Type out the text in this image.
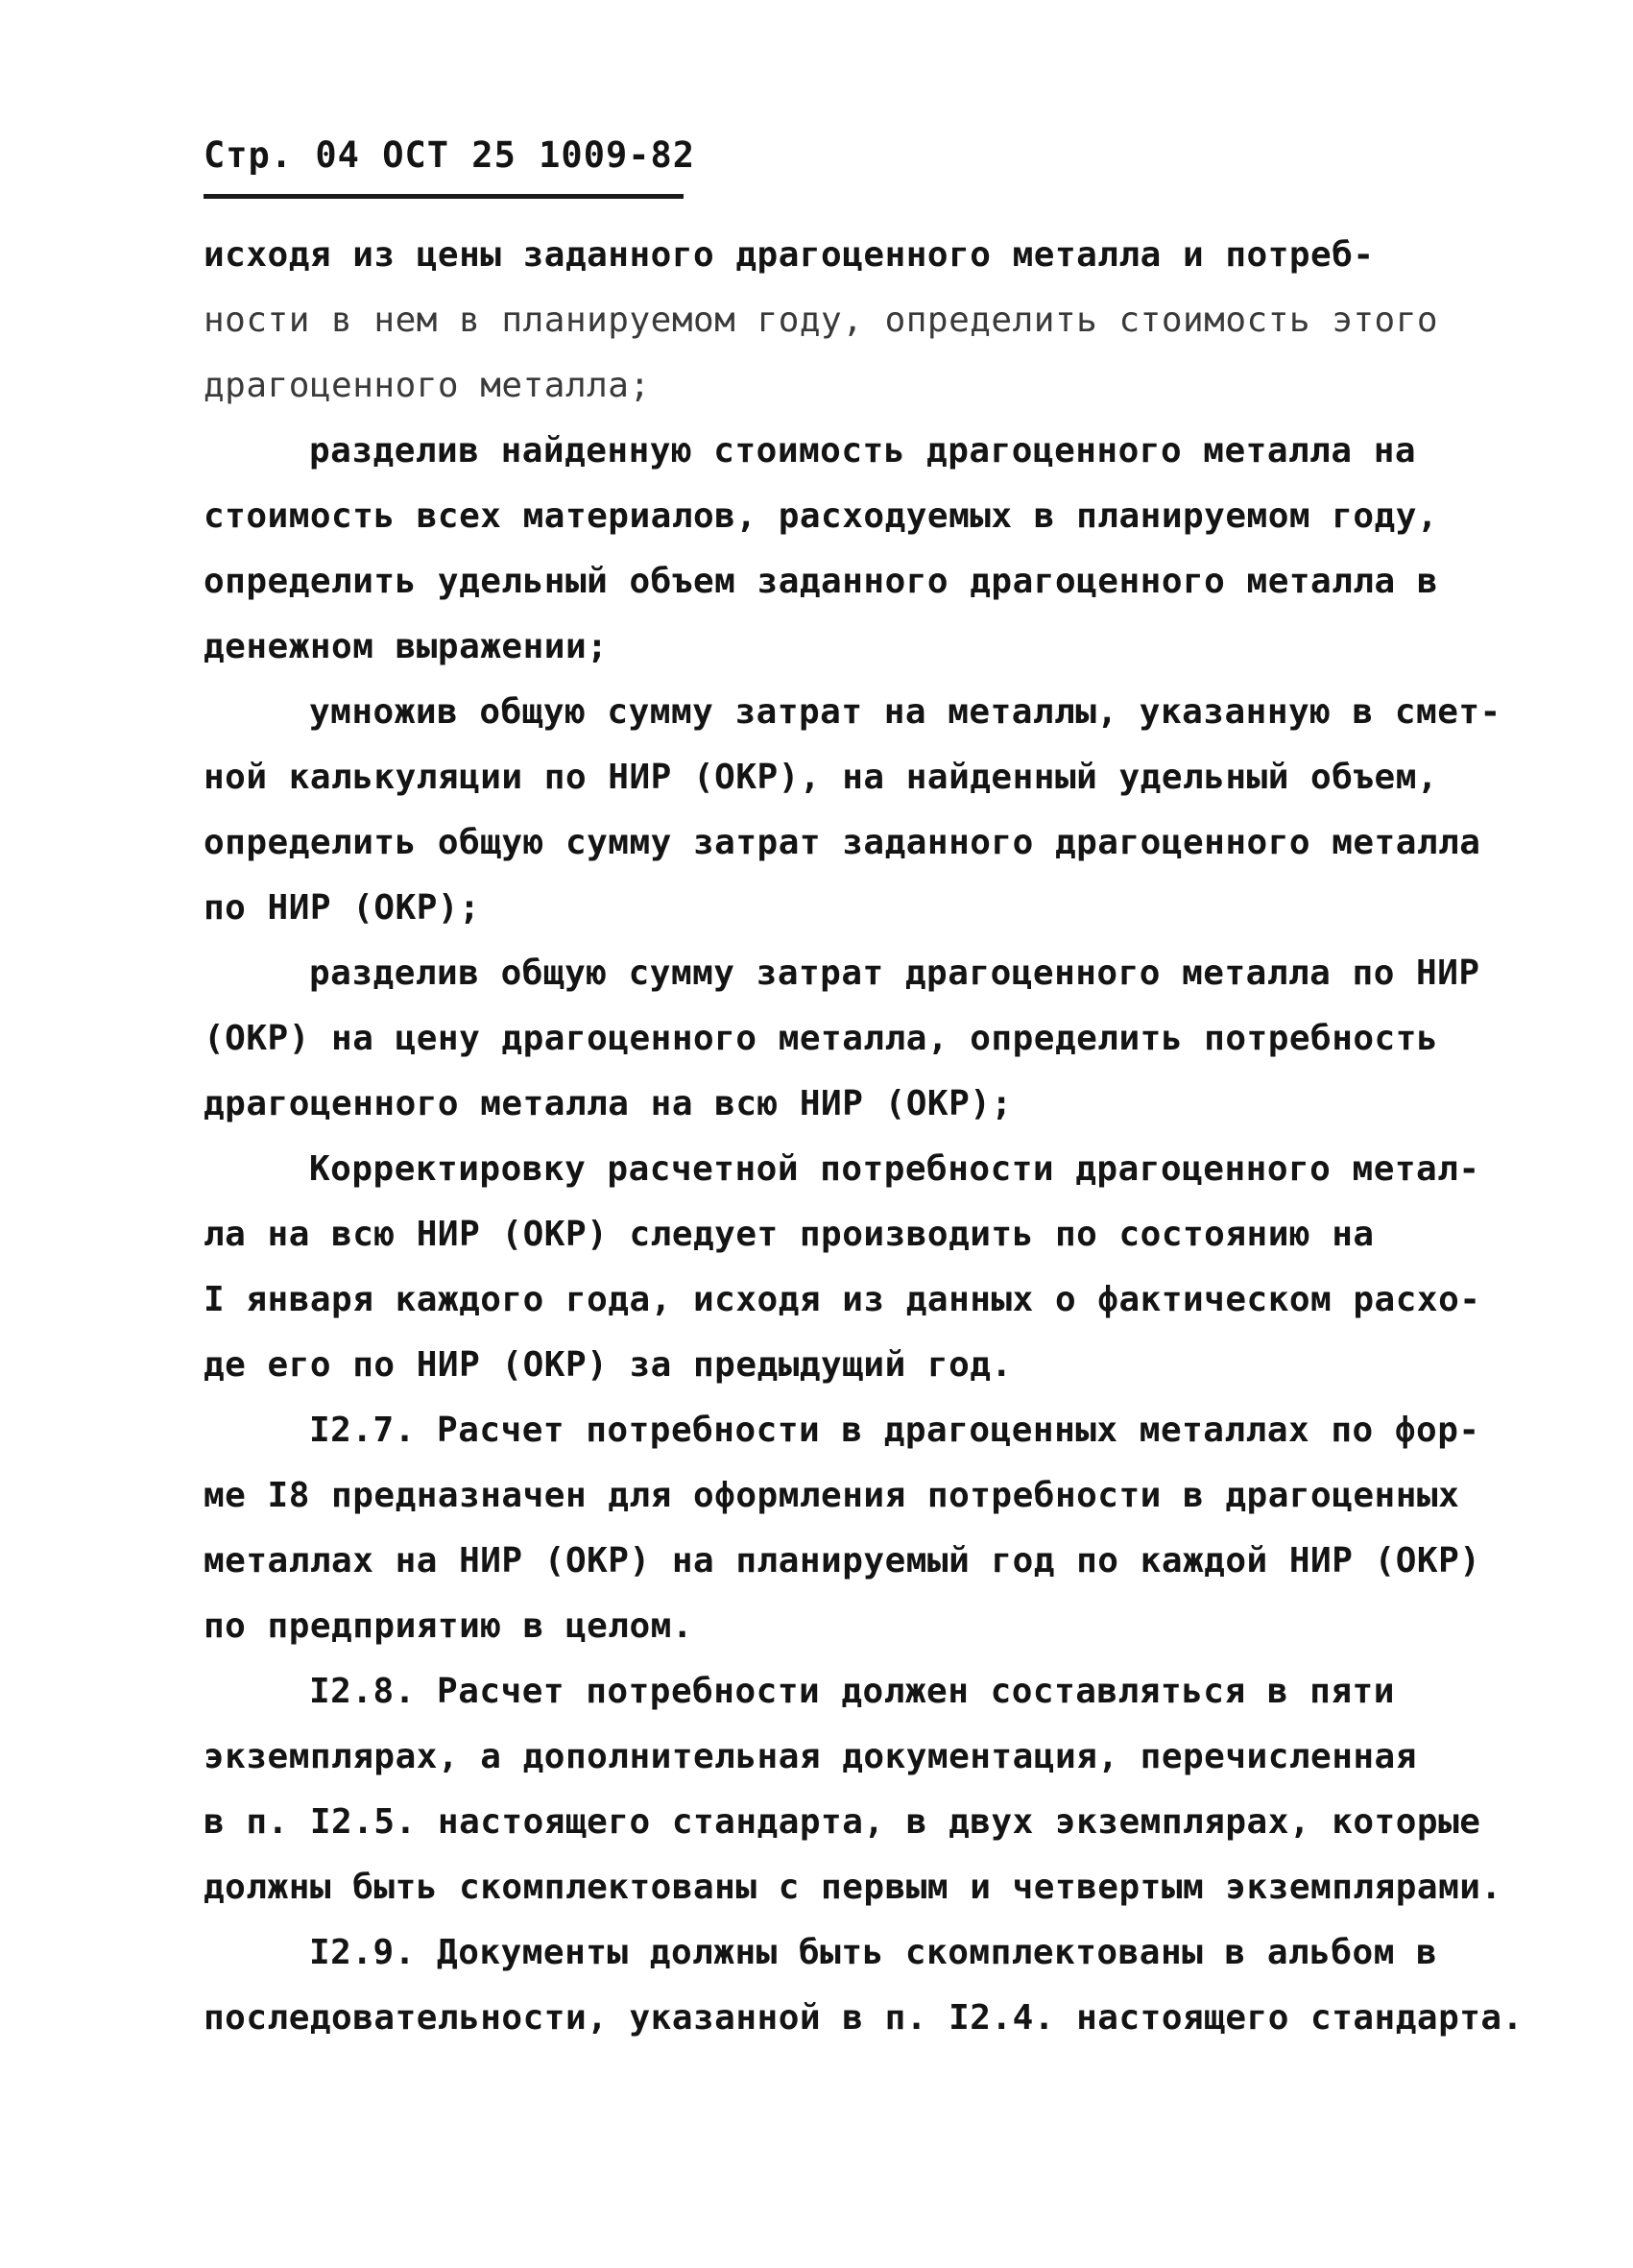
Стр. 04 ОСТ 25 1009-82
исходя из цены заданного драгоценного металла и потреб-
ности в нем в планируемом году, определить стоимость этого
драгоценного металла;
разделив найденную стоимость драгоценного металла на
стоимость всех материалов, расходуемых в планируемом году,
определить удельный объем заданного драгоценного металла в
денежном выражении;
умножив общую сумму затрат на металлы, указанную в смет-
ной калькуляции по НИР (ОКР), на найденный удельный объем,
определить общую сумму затрат заданного драгоценного металла
по НИР (ОКР);
разделив общую сумму затрат драгоценного металла по НИР
(ОКР) на цену драгоценного металла, определить потребность
драгоценного металла на всю НИР (ОКР);
Корректировку расчетной потребности драгоценного метал-
ла на всю НИР (ОКР) следует производить по состоянию на
I января каждого года, исходя из данных о фактическом расхо-
де его по НИР (ОКР) за предыдущий год.
I2.7. Расчет потребности в драгоценных металлах по фор-
ме I8 предназначен для оформления потребности в драгоценных
металлах на НИР (ОКР) на планируемый год по каждой НИР (ОКР)
по предприятию в целом.
I2.8. Расчет потребности должен составляться в пяти
экземплярах, а дополнительная документация, перечисленная
в п. I2.5. настоящего стандарта, в двух экземплярах, которые
должны быть скомплектованы с первым и четвертым экземплярами.
I2.9. Документы должны быть скомплектованы в альбом в
последовательности, указанной в п. I2.4. настоящего стандарта.
